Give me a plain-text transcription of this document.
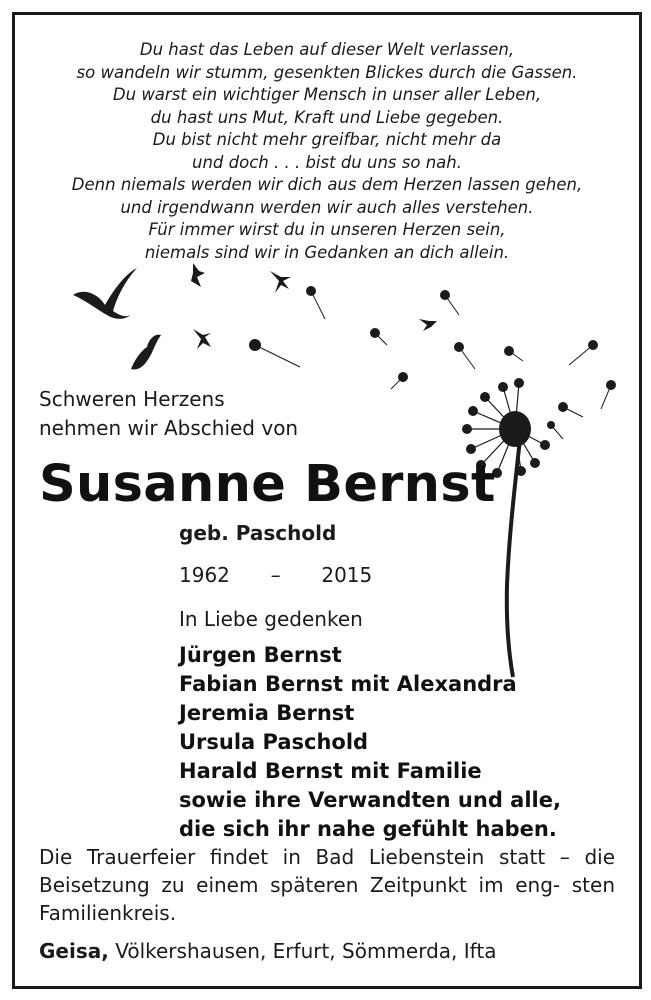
Du hast das Leben auf dieser Welt verlassen,
so wandeln wir stumm, gesenkten Blickes durch die Gassen.
Du warst ein wichtiger Mensch in unser aller Leben,
du hast uns Mut, Kraft und Liebe gegeben.
Du bist nicht mehr greifbar, nicht mehr da
und doch . . . bist du uns so nah.
Denn niemals werden wir dich aus dem Herzen lassen gehen,
und irgendwann werden wir auch alles verstehen.
Für immer wirst du in unseren Herzen sein,
niemals sind wir in Gedanken an dich allein.
Schweren Herzens
nehmen wir Abschied von
Susanne Bernst
geb. Paschold
1962 – 2015
In Liebe gedenken
Jürgen Bernst
Fabian Bernst mit Alexandra
Jeremia Bernst
Ursula Paschold
Harald Bernst mit Familie
sowie ihre Verwandten und alle,
die sich ihr nahe gefühlt haben.
Die Trauerfeier findet in Bad Liebenstein statt – die Beisetzung zu einem späteren Zeitpunkt im eng- sten Familienkreis.
Geisa, Völkershausen, Erfurt, Sömmerda, Ifta
